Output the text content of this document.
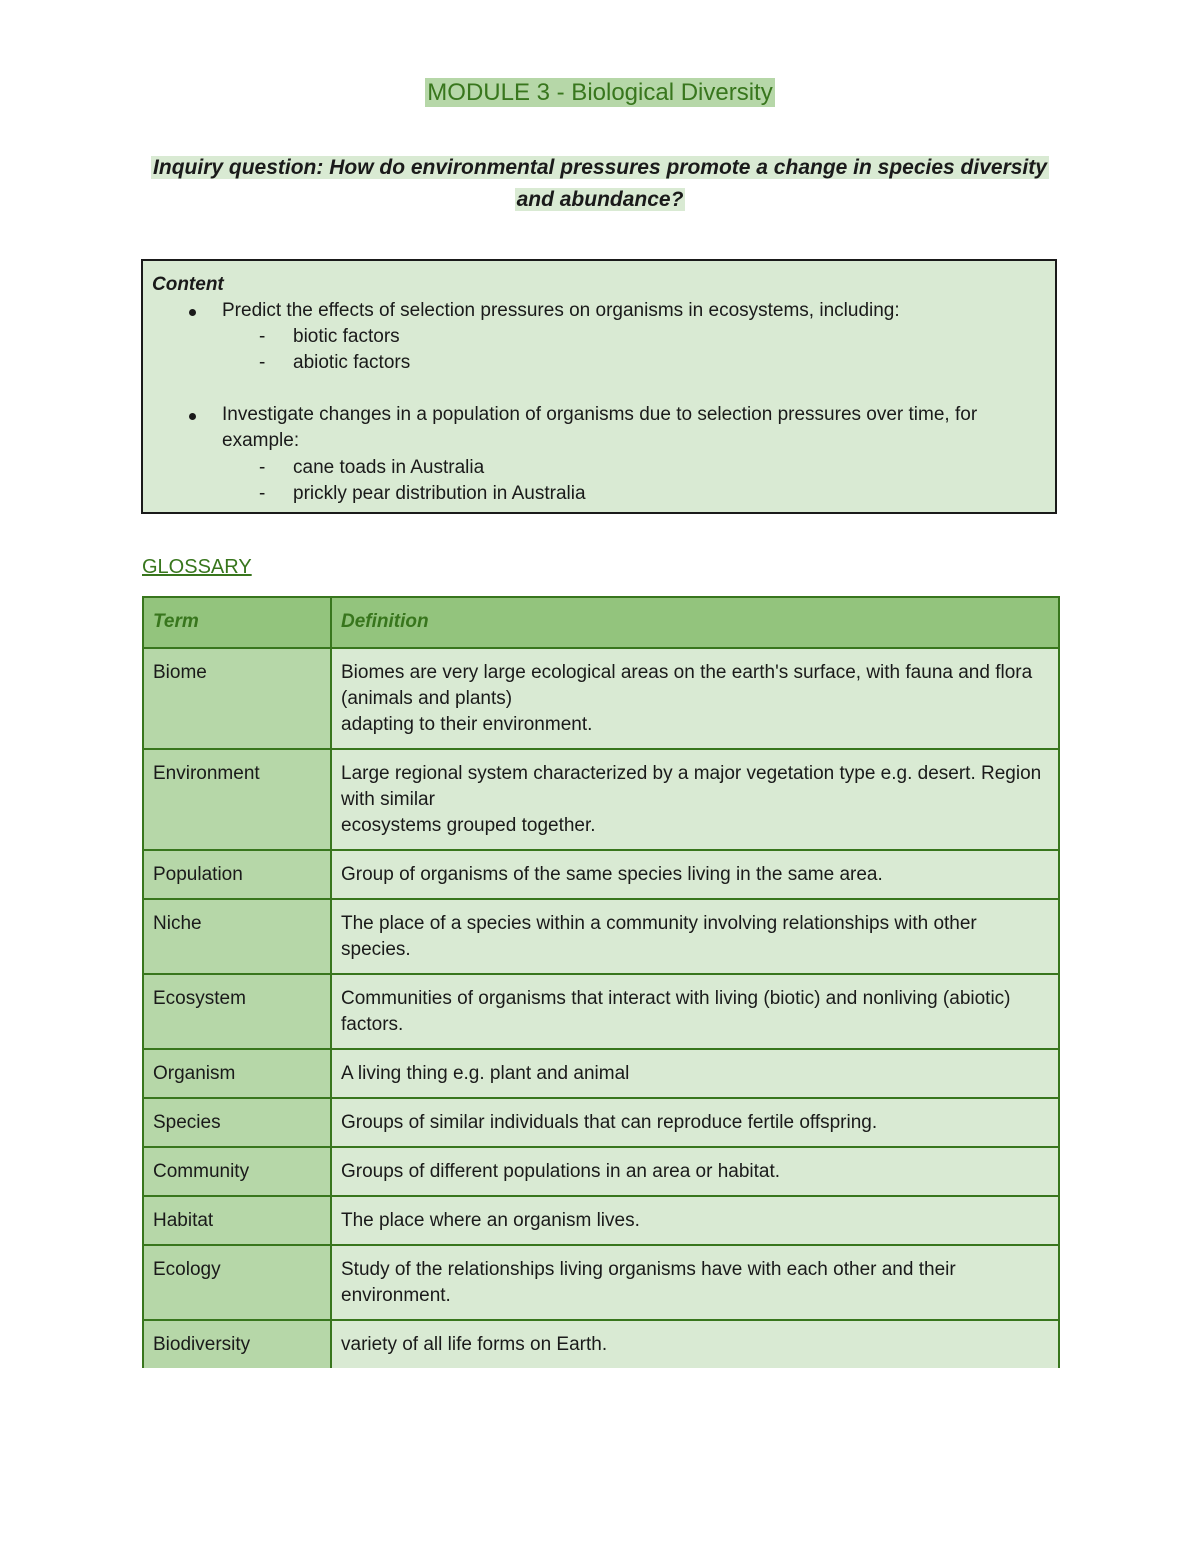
MODULE 3 - Biological Diversity
Inquiry question: How do environmental pressures promote a change in species diversity and abundance?
Content
Predict the effects of selection pressures on organisms in ecosystems, including:
- biotic factors
- abiotic factors
Investigate changes in a population of organisms due to selection pressures over time, for example:
- cane toads in Australia
- prickly pear distribution in Australia
GLOSSARY
Term	Definition
Biome	Biomes are very large ecological areas on the earth's surface, with fauna and flora (animals and plants)
adapting to their environment.
Environment	Large regional system characterized by a major vegetation type e.g. desert. Region with similar
ecosystems grouped together.
Population	Group of organisms of the same species living in the same area.
Niche	The place of a species within a community involving relationships with other species.
Ecosystem	Communities of organisms that interact with living (biotic) and nonliving (abiotic) factors.
Organism	A living thing e.g. plant and animal
Species	Groups of similar individuals that can reproduce fertile offspring.
Community	Groups of different populations in an area or habitat.
Habitat	The place where an organism lives.
Ecology	Study of the relationships living organisms have with each other and their environment.
Biodiversity	variety of all life forms on Earth.
